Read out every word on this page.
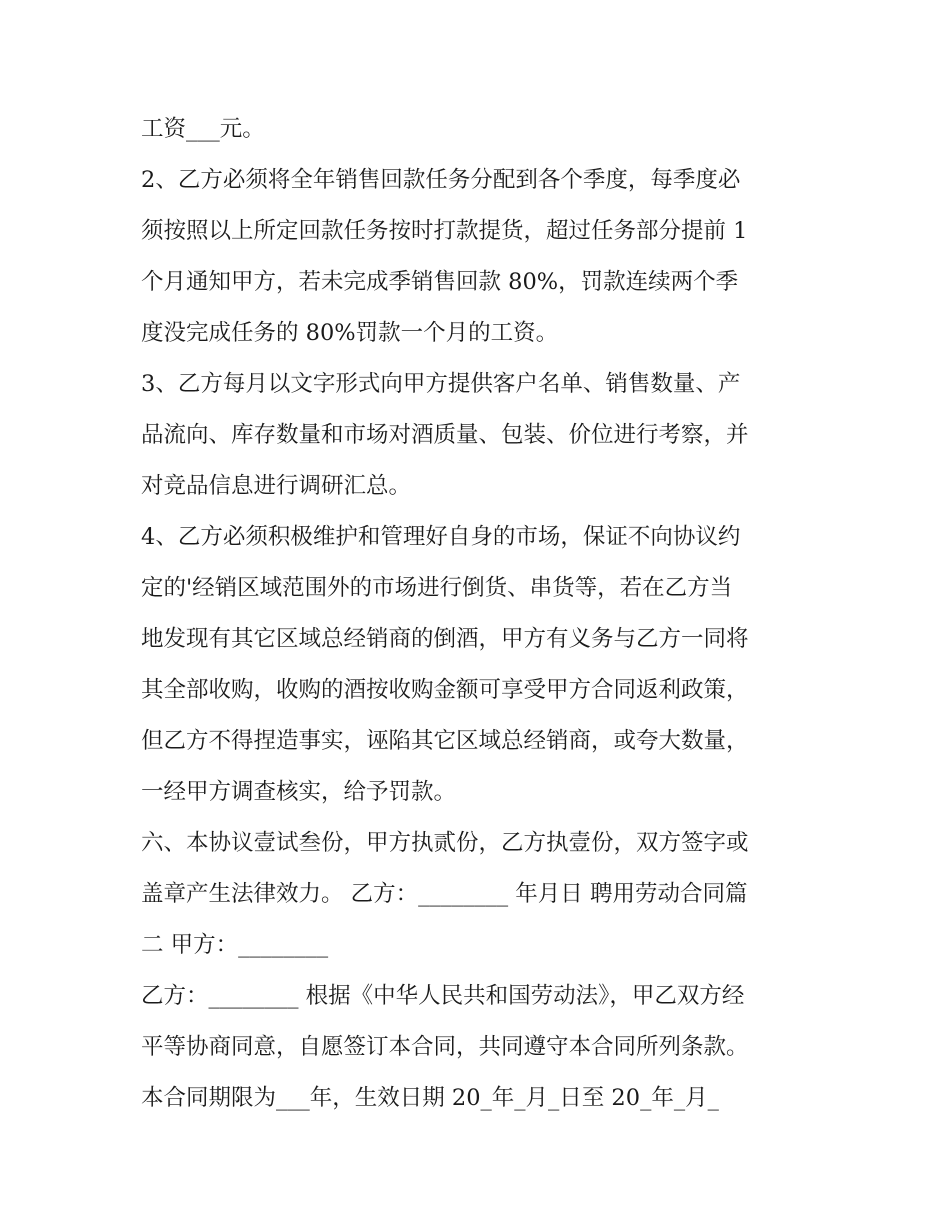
工资___元。
2、乙方必须将全年销售回款任务分配到各个季度，每季度必
须按照以上所定回款任务按时打款提货，超过任务部分提前 1
个月通知甲方，若未完成季销售回款 80%，罚款连续两个季
度没完成任务的 80%罚款一个月的工资。
3、乙方每月以文字形式向甲方提供客户名单、销售数量、产
品流向、库存数量和市场对酒质量、包装、价位进行考察，并
对竞品信息进行调研汇总。
4、乙方必须积极维护和管理好自身的市场，保证不向协议约
定的'经销区域范围外的市场进行倒货、串货等，若在乙方当
地发现有其它区域总经销商的倒酒，甲方有义务与乙方一同将
其全部收购，收购的酒按收购金额可享受甲方合同返利政策，
但乙方不得捏造事实，诬陷其它区域总经销商，或夸大数量，
一经甲方调查核实，给予罚款。
六、本协议壹试叁份，甲方执贰份，乙方执壹份，双方签字或
盖章产生法律效力。 乙方：________ 年月日 聘用劳动合同篇
二 甲方：________
乙方：________ 根据《中华人民共和国劳动法》，甲乙双方经
平等协商同意，自愿签订本合同，共同遵守本合同所列条款。
本合同期限为___年，生效日期 20_年_月_日至 20_年_月_
